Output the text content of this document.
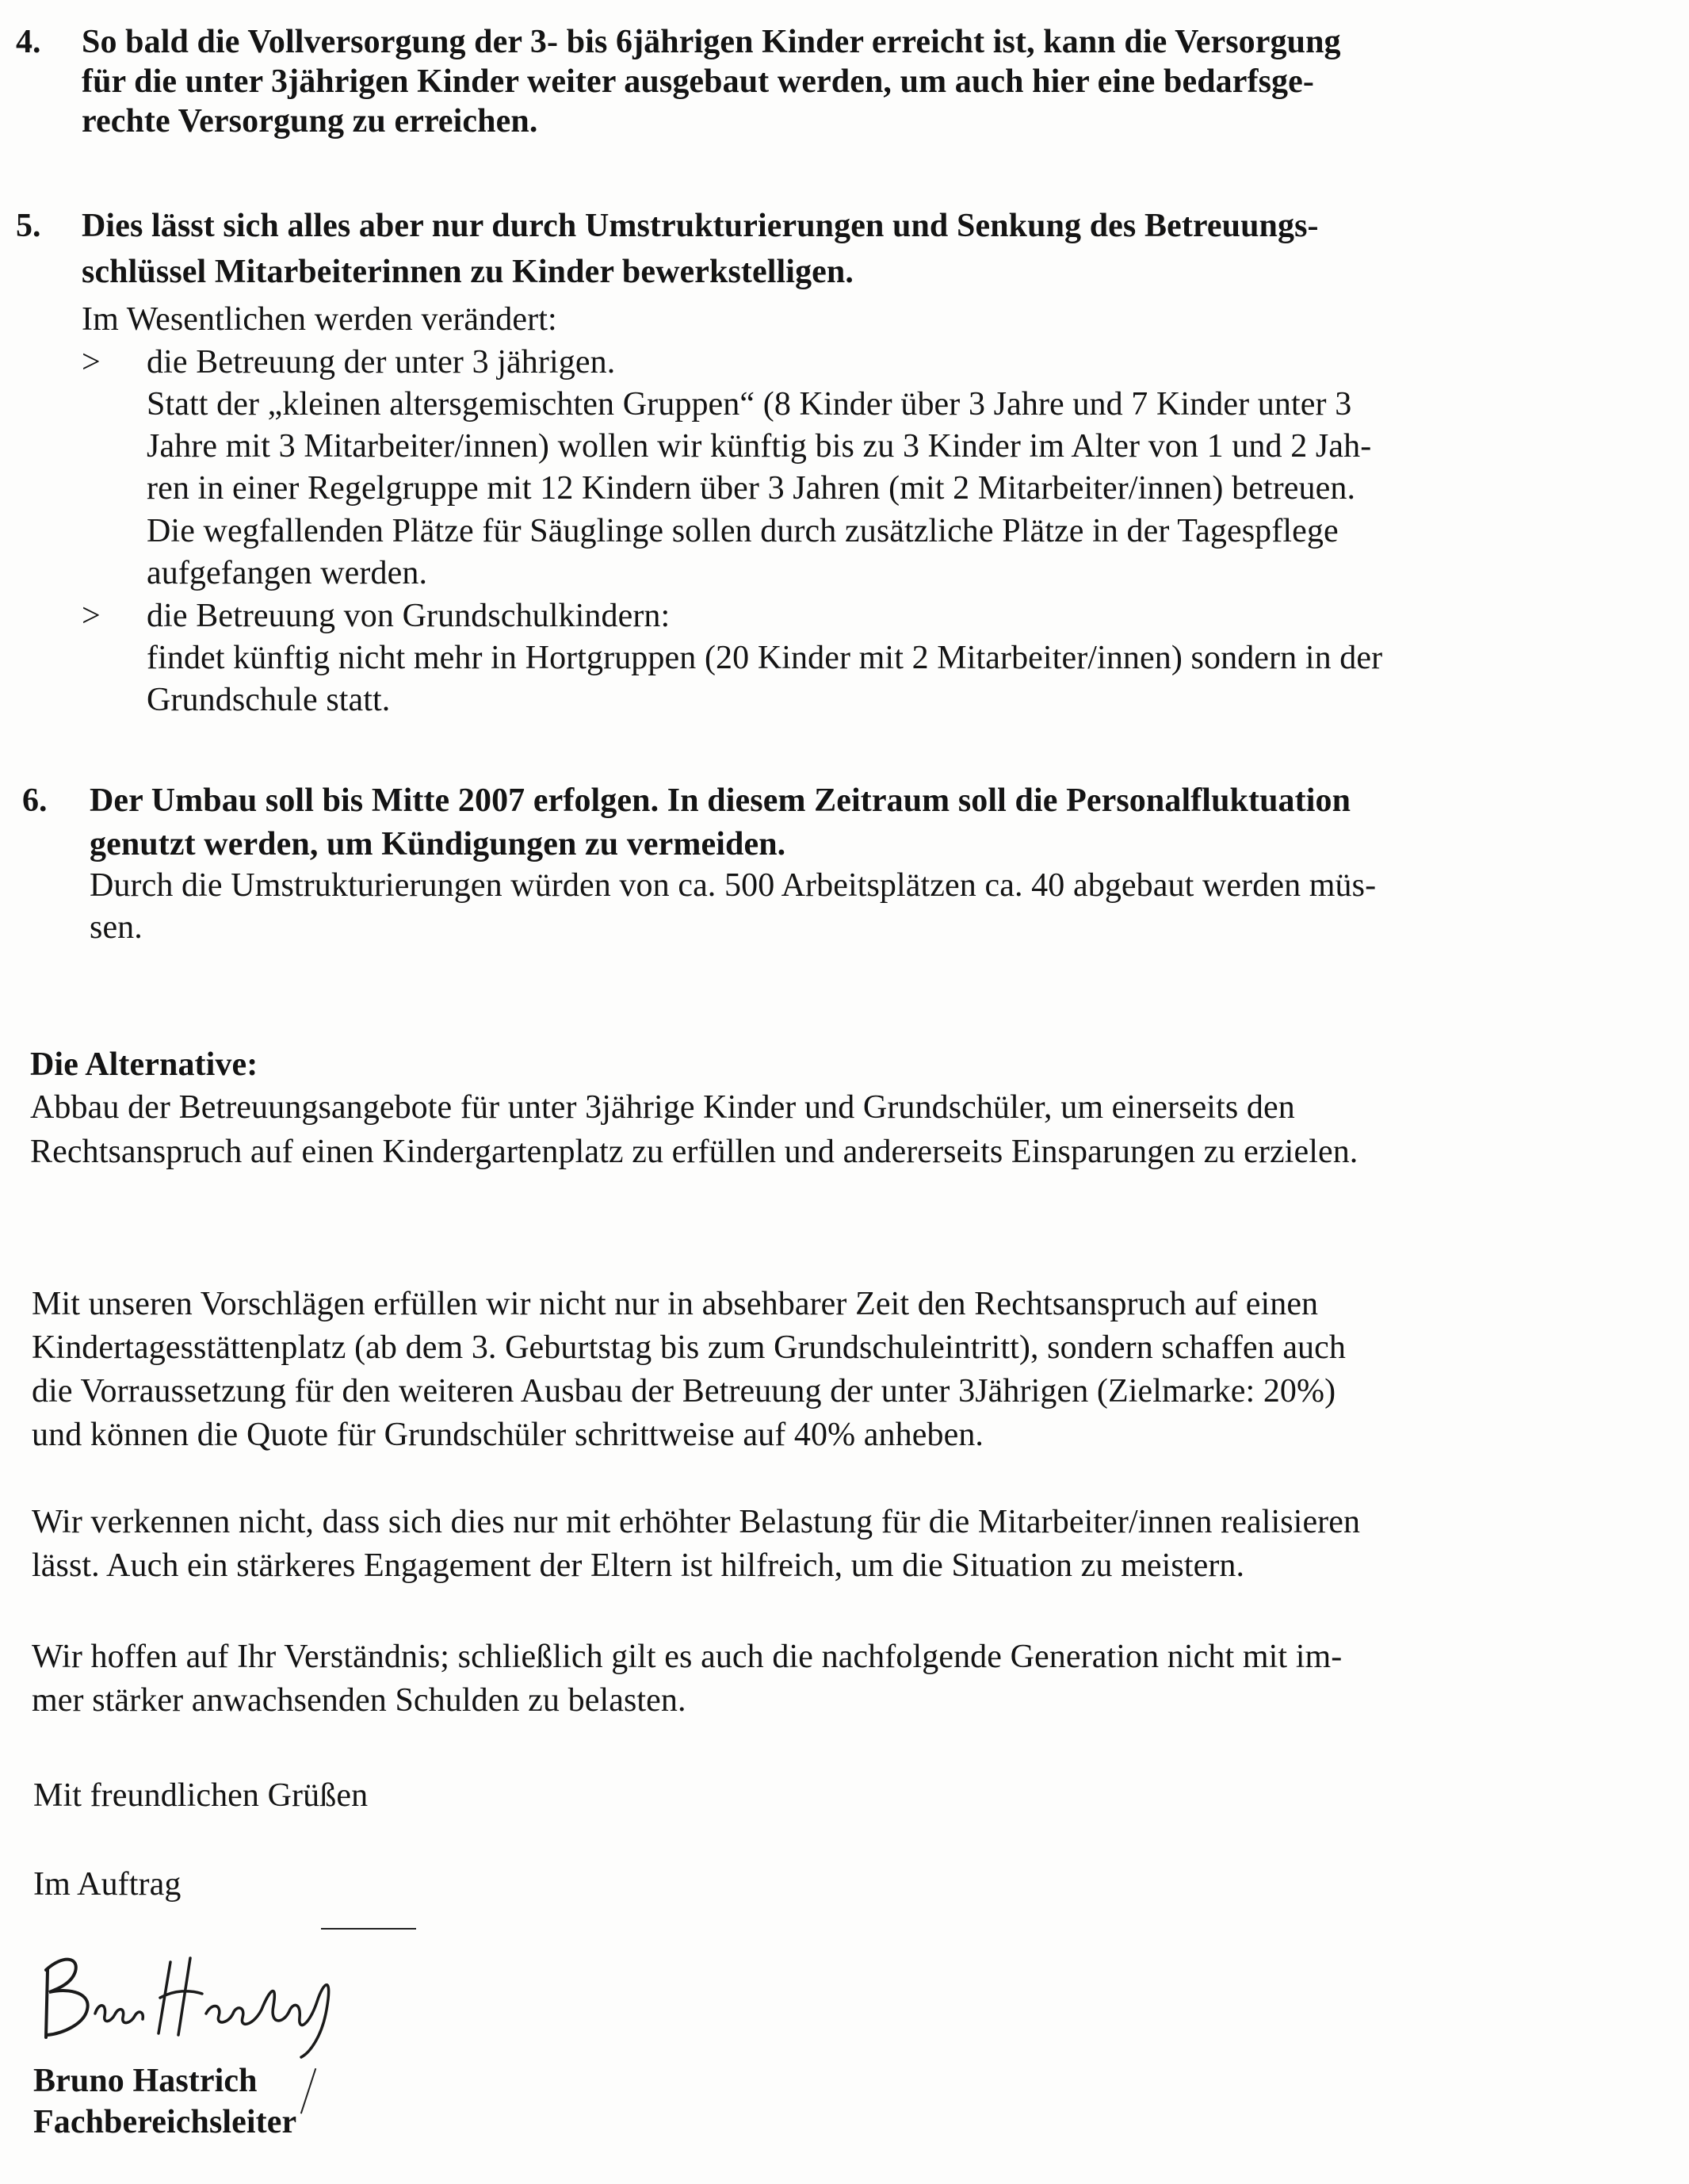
4. So bald die Vollversorgung der 3- bis 6jährigen Kinder erreicht ist, kann die Versorgung
für die unter 3jährigen Kinder weiter ausgebaut werden, um auch hier eine bedarfsge-
rechte Versorgung zu erreichen.
5. Dies lässt sich alles aber nur durch Umstrukturierungen und Senkung des Betreuungs-
schlüssel Mitarbeiterinnen zu Kinder bewerkstelligen.
Im Wesentlichen werden verändert:
> die Betreuung der unter 3 jährigen.
Statt der „kleinen altersgemischten Gruppen“ (8 Kinder über 3 Jahre und 7 Kinder unter 3
Jahre mit 3 Mitarbeiter/innen) wollen wir künftig bis zu 3 Kinder im Alter von 1 und 2 Jah-
ren in einer Regelgruppe mit 12 Kindern über 3 Jahren (mit 2 Mitarbeiter/innen) betreuen.
Die wegfallenden Plätze für Säuglinge sollen durch zusätzliche Plätze in der Tagespflege
aufgefangen werden.
> die Betreuung von Grundschulkindern:
findet künftig nicht mehr in Hortgruppen (20 Kinder mit 2 Mitarbeiter/innen) sondern in der
Grundschule statt.
6. Der Umbau soll bis Mitte 2007 erfolgen. In diesem Zeitraum soll die Personalfluktuation
genutzt werden, um Kündigungen zu vermeiden.
Durch die Umstrukturierungen würden von ca. 500 Arbeitsplätzen ca. 40 abgebaut werden müs-
sen.
Die Alternative:
Abbau der Betreuungsangebote für unter 3jährige Kinder und Grundschüler, um einerseits den
Rechtsanspruch auf einen Kindergartenplatz zu erfüllen und andererseits Einsparungen zu erzielen.
Mit unseren Vorschlägen erfüllen wir nicht nur in absehbarer Zeit den Rechtsanspruch auf einen
Kindertagesstättenplatz (ab dem 3. Geburtstag bis zum Grundschuleintritt), sondern schaffen auch
die Vorraussetzung für den weiteren Ausbau der Betreuung der unter 3Jährigen (Zielmarke: 20%)
und können die Quote für Grundschüler schrittweise auf 40% anheben.
Wir verkennen nicht, dass sich dies nur mit erhöhter Belastung für die Mitarbeiter/innen realisieren
lässt. Auch ein stärkeres Engagement der Eltern ist hilfreich, um die Situation zu meistern.
Wir hoffen auf Ihr Verständnis; schließlich gilt es auch die nachfolgende Generation nicht mit im-
mer stärker anwachsenden Schulden zu belasten.
Mit freundlichen Grüßen
Im Auftrag
Bruno Hastrich
Fachbereichsleiter
